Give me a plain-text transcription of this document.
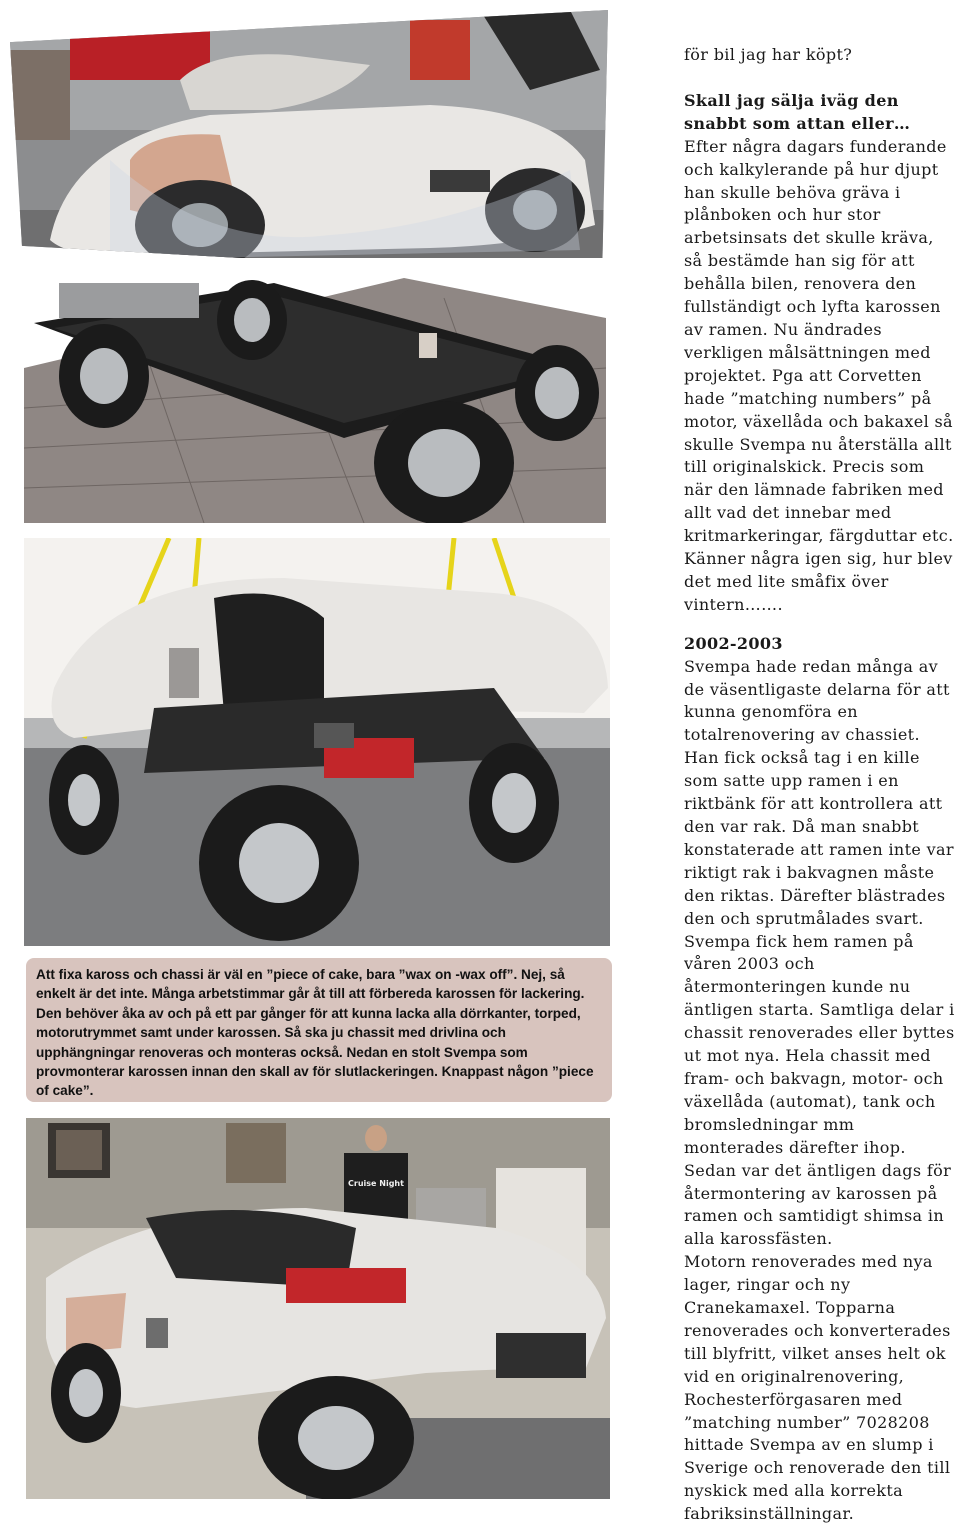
Att fixa kaross och chassi är väl en ”piece of cake, bara ”wax on -wax off”. Nej, så enkelt är det inte. Många arbetstimmar går åt till att förbereda karossen för lackering. Den behöver åka av och på ett par gånger för att kunna lacka alla dörrkanter, torped, motorutrymmet samt under karossen. Så ska ju chassit med drivlina och upphängningar renoveras och monteras också. Nedan en stolt Svempa som provmonterar karossen innan den skall av för slutlackeringen. Knappast någon ”piece of cake”.
Cruise Night

för bil jag har köpt?

Skall jag sälja iväg den snabbt som attan eller…

Efter några dagars funderande och kalkylerande på hur djupt han skulle behöva gräva i plånboken och hur stor arbetsinsats det skulle kräva, så bestämde han sig för att behålla bilen, renovera den fullständigt och lyfta karossen av ramen. Nu ändrades verkligen målsättningen med projektet. Pga att Corvetten hade ”matching numbers” på motor, växellåda och bakaxel så skulle Svempa nu återställa allt till originalskick. Precis som när den lämnade fabriken med allt vad det innebar med kritmarkeringar, färgduttar etc.

Känner några igen sig, hur blev det med lite småfix över vintern…….

2002-2003

Svempa hade redan många av de väsentligaste delarna för att kunna genomföra en totalrenovering av chassiet. Han fick också tag i en kille som satte upp ramen i en riktbänk för att kontrollera att den var rak. Då man snabbt konstaterade att ramen inte var riktigt rak i bakvagnen måste den riktas. Därefter blästrades den och sprutmålades svart. Svempa fick hem ramen på våren 2003 och återmonteringen kunde nu äntligen starta. Samtliga delar i chassit renoverades eller byttes ut mot nya. Hela chassit med fram- och bakvagn, motor- och växellåda (automat), tank och bromsledningar mm monterades därefter ihop. Sedan var det äntligen dags för återmontering av karossen på ramen och samtidigt shimsa in alla karossfästen.

Motorn renoverades med nya lager, ringar och ny Cranekamaxel. Topparna renoverades och konverterades till blyfritt, vilket anses helt ok vid en originalrenovering, Rochesterförgasaren med ”matching number” 7028208 hittade Svempa av en slump i Sverige och renoverade den till nyskick med alla korrekta fabriksinställningar.
